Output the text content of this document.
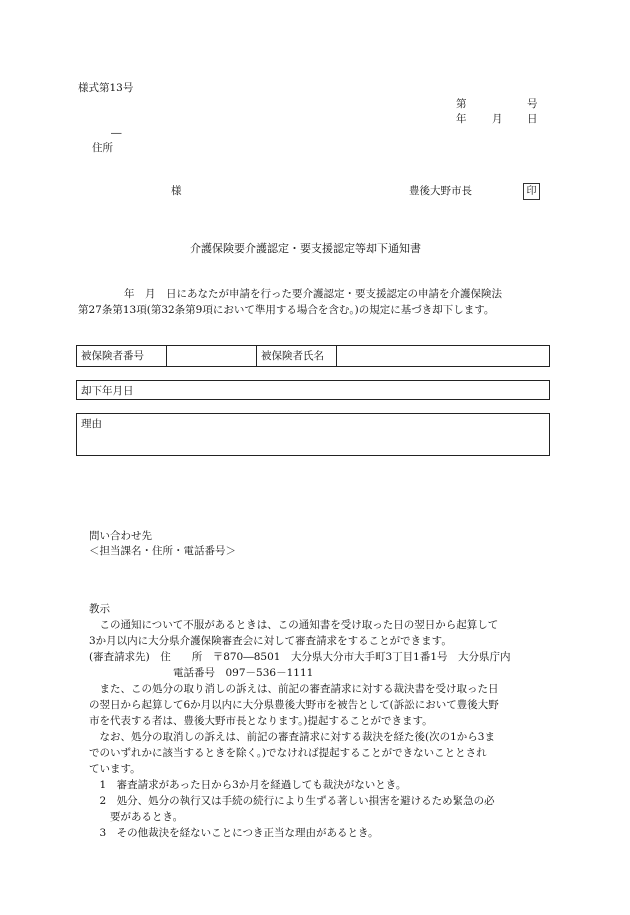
様式第13号
第	号
年 月 日
―
住所
様	豊後大野市長	印
介護保険要介護認定・要支援認定等却下通知書
年　月　日にあなたが申請を行った要介護認定・要支援認定の申請を介護保険法
第27条第13項(第32条第9項において準用する場合を含む。)の規定に基づき却下します。
被保険者番号	被保険者氏名
却下年月日
理由
問い合わせ先
＜担当課名・住所・電話番号＞
教示
　この通知について不服があるときは、この通知書を受け取った日の翌日から起算して
3か月以内に大分県介護保険審査会に対して審査請求をすることができます。
(審査請求先)　住　　所　〒870―8501　大分県大分市大手町3丁目1番1号　大分県庁内
　　　　　　　　電話番号　097－536－1111
　また、この処分の取り消しの訴えは、前記の審査請求に対する裁決書を受け取った日
の翌日から起算して6か月以内に大分県豊後大野市を被告として(訴訟において豊後大野
市を代表する者は、豊後大野市長となります。)提起することができます。
　なお、処分の取消しの訴えは、前記の審査請求に対する裁決を経た後(次の1から3ま
でのいずれかに該当するときを除く。)でなければ提起することができないこととされ
ています。
　1　審査請求があった日から3か月を経過しても裁決がないとき。
　2　処分、処分の執行又は手続の続行により生ずる著しい損害を避けるため緊急の必
　　要があるとき。
　3　その他裁決を経ないことにつき正当な理由があるとき。
